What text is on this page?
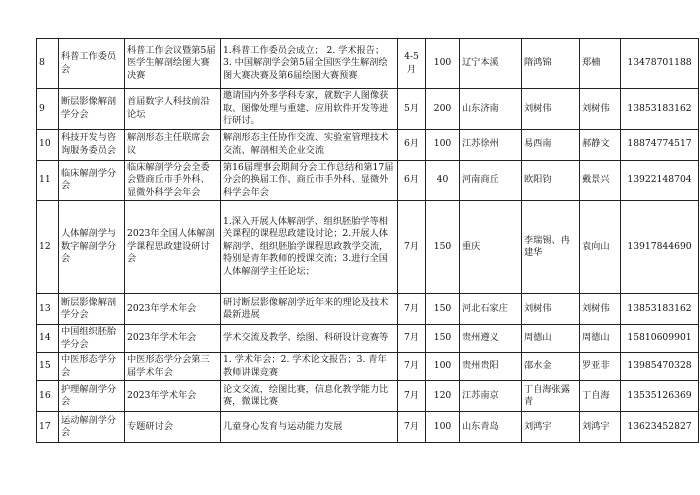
8	科普工作委员会	科普工作会议暨第5届医学生解剖绘图大赛决赛	1.科普工作委员会成立； 2. 学术报告； 3. 中国解剖学会第5届全国医学生解剖绘图大赛决赛及第6届绘图大赛预赛	4-5月	100	辽宁本溪	隋鸿锦	郑楠	13478701188
9	断层影像解剖学分会	首届数字人科技前沿论坛	邀请国内外多学科专家，就数字人图像获取、图像处理与重建、应用软件开发等进行研讨。	5月	200	山东济南	刘树伟	刘树伟	13853183162
10	科技开发与咨询服务委员会	解剖形态主任联席会议	解剖形态主任协作交流、实验室管理技术交流、解剖相关企业交流	6月	100	江苏徐州	易西南	郝静文	18874774517
11	临床解剖学分会	临床解剖学分会全委会暨商丘市手外科、显微外科学会年会	第16届理事会期间分会工作总结和第17届分会的换届工作、商丘市手外科、显微外科学会年会	6月	40	河南商丘	欧阳钧	戴景兴	13922148704
12	人体解剖学与数字解剖学分会	2023年全国人体解剖学课程思政建设研讨会	1.深入开展人体解剖学、组织胚胎学等相关课程的课程思政建设讨论；2.开展人体解剖学、组织胚胎学课程思政教学交流，特别是青年教师的授课交流；3.进行全国人体解剖学主任论坛；	7月	150	重庆	李瑞锡、冉建华	袁向山	13917844690
13	断层影像解剖学分会	2023年学术年会	研讨断层影像解剖学近年来的理论及技术最新进展	7月	150	河北石家庄	刘树伟	刘树伟	13853183162
14	中国组织胚胎学分会	2023年学术年会	学术交流及教学、绘图、科研设计竞赛等	7月	150	贵州遵义	周德山	周德山	15810609901
15	中医形态学分会	中医形态学分会第三届学术年会	1. 学术年会；2. 学术论文报告；3. 青年教师讲课竞赛	7月	100	贵州贵阳	邵水金	罗亚非	13985470328
16	护理解剖学分会	2023年学术年会	论文交流，绘图比赛，信息化教学能力比赛，微课比赛	7月	120	江苏南京	丁自海张露青	丁自海	13535126369
17	运动解剖学分会	专题研讨会	儿童身心发育与运动能力发展	7月	100	山东青岛	刘鸿宇	刘鸿宇	13623452827
